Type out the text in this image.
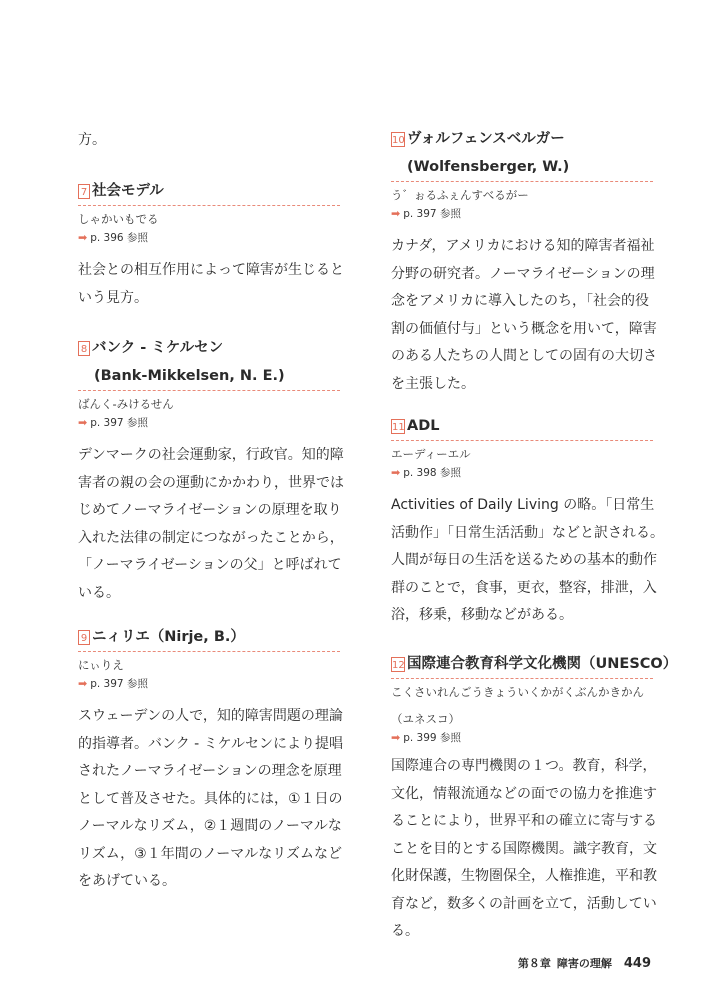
方。
7 社会モデル
しゃかいもでる
➡ p. 396 参照
社会との相互作用によって障害が生じると
いう見方。
8 バンク - ミケルセン
(Bank-Mikkelsen, N. E.)
ばんく-みけるせん
➡ p. 397 参照
デンマークの社会運動家，行政官。知的障
害者の親の会の運動にかかわり，世界では
じめてノーマライゼーションの原理を取り
入れた法律の制定につながったことから，
「ノーマライゼーションの父」と呼ばれて
いる。
9 ニィリエ（Nirje, B.）
にぃりえ
➡ p. 397 参照
スウェーデンの人で，知的障害問題の理論
的指導者。バンク - ミケルセンにより提唱
されたノーマライゼーションの理念を原理
として普及させた。具体的には，①１日の
ノーマルなリズム，②１週間のノーマルな
リズム，③１年間のノーマルなリズムなど
をあげている。
10 ヴォルフェンスベルガー
(Wolfensberger, W.)
う゛ぉるふぇんすべるがー
➡ p. 397 参照
カナダ，アメリカにおける知的障害者福祉
分野の研究者。ノーマライゼーションの理
念をアメリカに導入したのち，「社会的役
割の価値付与」という概念を用いて，障害
のある人たちの人間としての固有の大切さ
を主張した。
11 ADL
エーディーエル
➡ p. 398 参照
Activities of Daily Living の略。「日常生
活動作」「日常生活活動」などと訳される。
人間が毎日の生活を送るための基本的動作
群のことで，食事，更衣，整容，排泄，入
浴，移乗，移動などがある。
12 国際連合教育科学文化機関（UNESCO）
こくさいれんごうきょういくかがくぶんかきかん
（ユネスコ）
➡ p. 399 参照
国際連合の専門機関の１つ。教育，科学，
文化，情報流通などの面での協力を推進す
ることにより，世界平和の確立に寄与する
ことを目的とする国際機関。識字教育，文
化財保護，生物圏保全，人権推進，平和教
育など，数多くの計画を立て，活動してい
る。
第８章 障害の理解 449
